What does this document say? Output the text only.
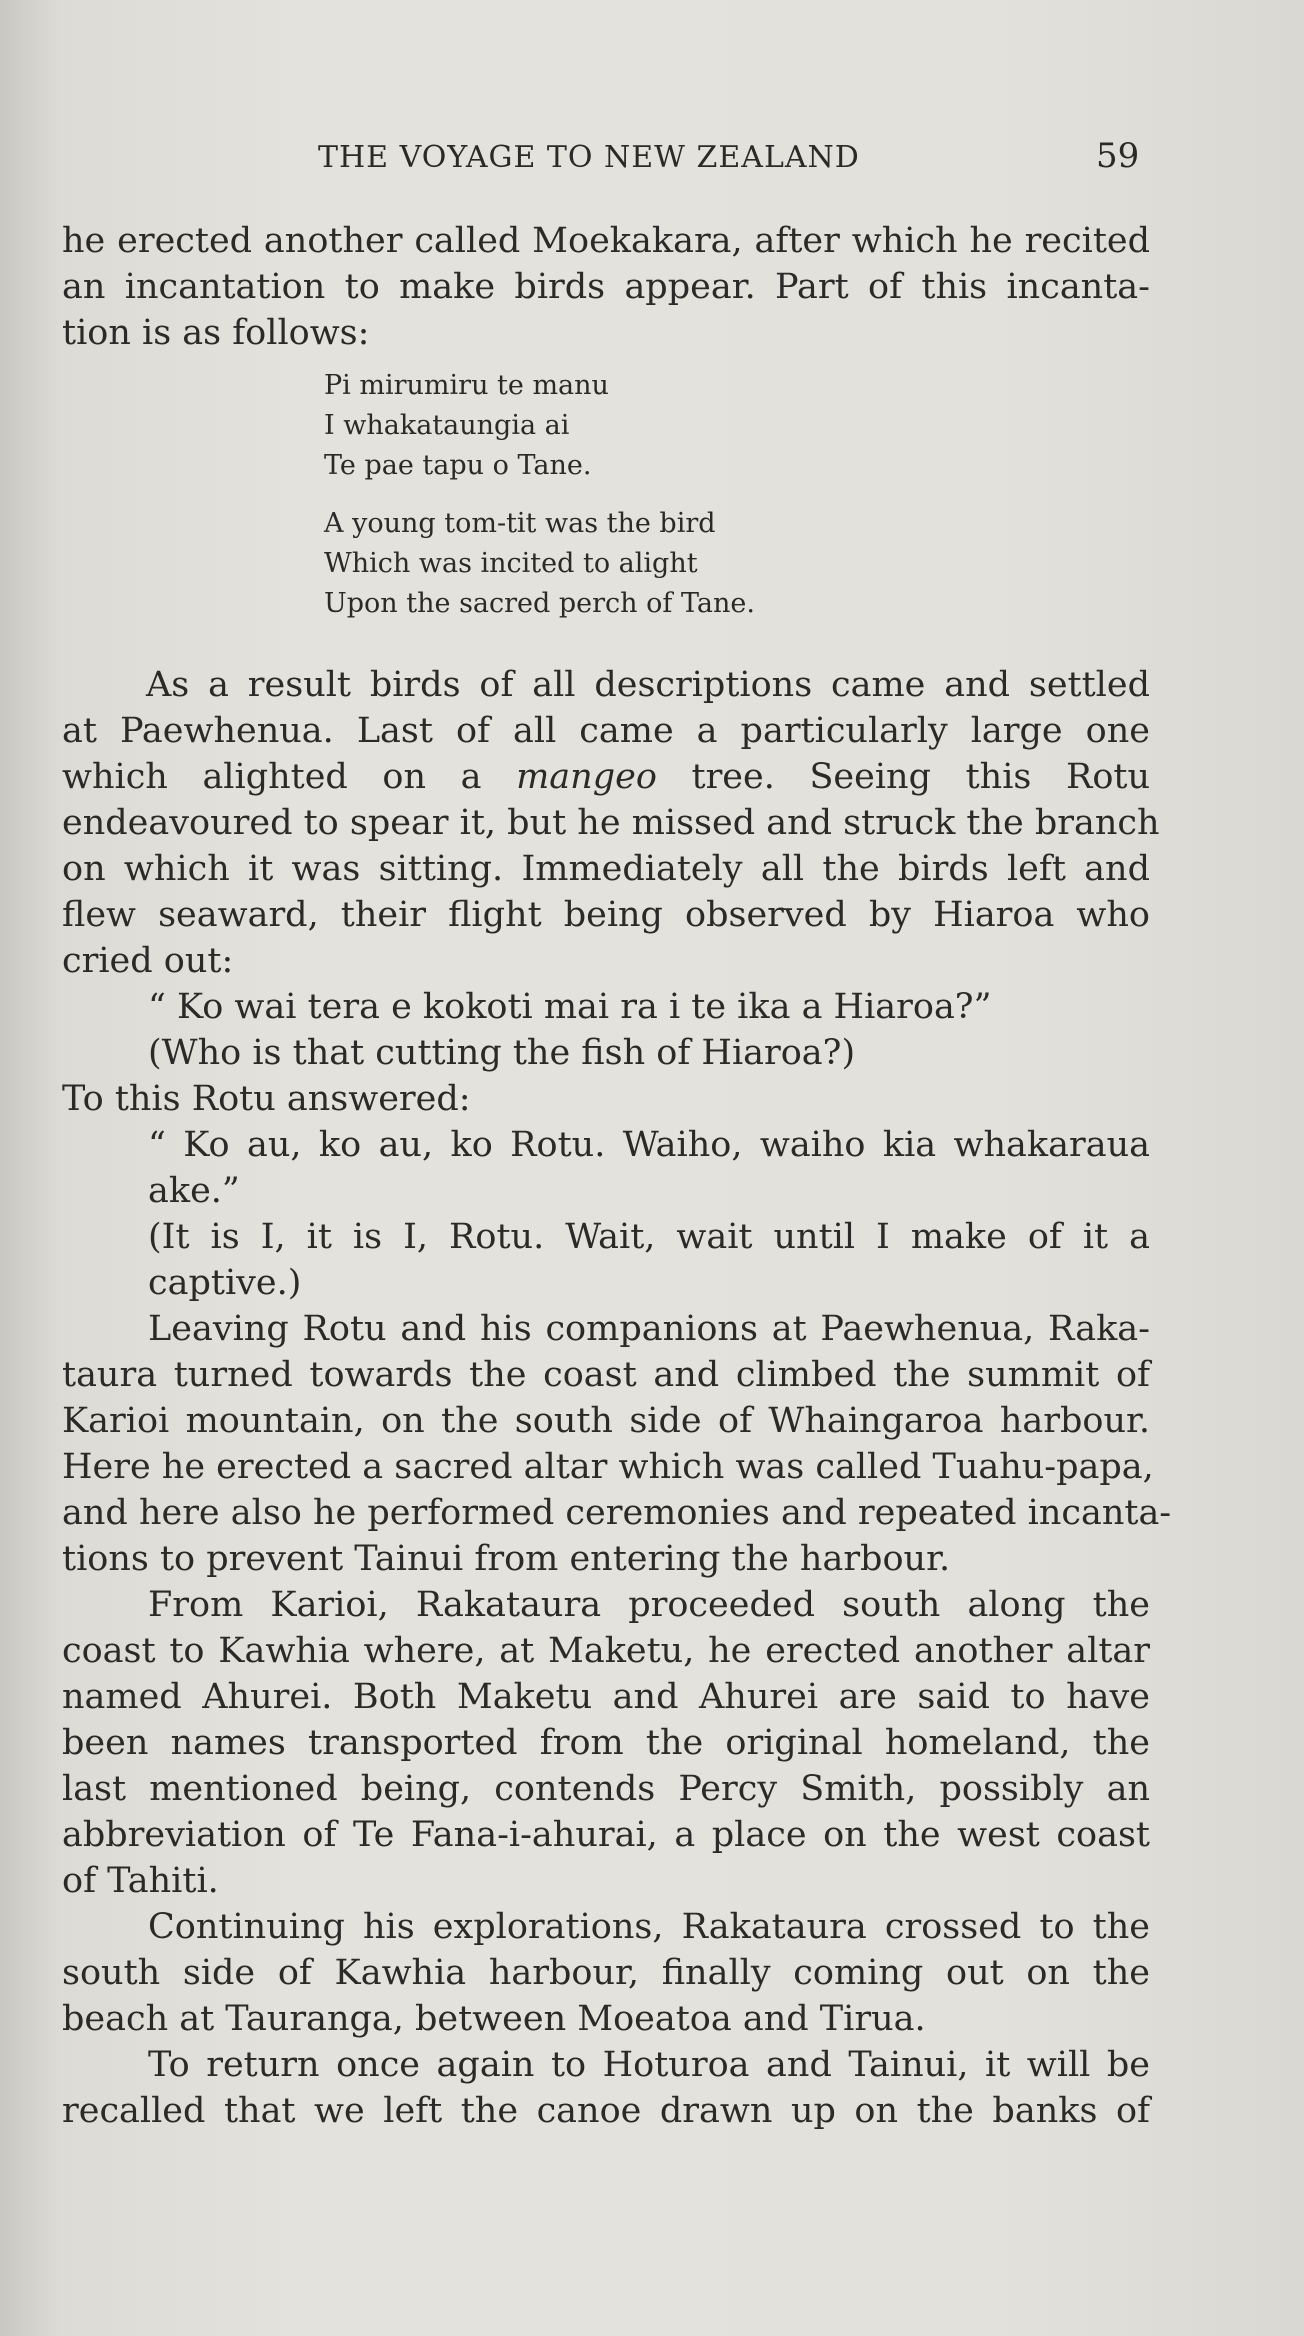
THE VOYAGE TO NEW ZEALAND	59
he erected another called Moekakara, after which he recited
an incantation to make birds appear. Part of this incanta-
tion is as follows:
Pi mirumiru te manu
I whakataungia ai
Te pae tapu o Tane.
A young tom-tit was the bird
Which was incited to alight
Upon the sacred perch of Tane.
As a result birds of all descriptions came and settled
at Paewhenua. Last of all came a particularly large one
which alighted on a mangeo tree. Seeing this Rotu
endeavoured to spear it, but he missed and struck the branch
on which it was sitting. Immediately all the birds left and
flew seaward, their flight being observed by Hiaroa who
cried out:
“ Ko wai tera e kokoti mai ra i te ika a Hiaroa?”
(Who is that cutting the fish of Hiaroa?)
To this Rotu answered:
“ Ko au, ko au, ko Rotu. Waiho, waiho kia whakaraua
ake.”
(It is I, it is I, Rotu. Wait, wait until I make of it a
captive.)
Leaving Rotu and his companions at Paewhenua, Raka-
taura turned towards the coast and climbed the summit of
Karioi mountain, on the south side of Whaingaroa harbour.
Here he erected a sacred altar which was called Tuahu-papa,
and here also he performed ceremonies and repeated incanta-
tions to prevent Tainui from entering the harbour.
From Karioi, Rakataura proceeded south along the
coast to Kawhia where, at Maketu, he erected another altar
named Ahurei. Both Maketu and Ahurei are said to have
been names transported from the original homeland, the
last mentioned being, contends Percy Smith, possibly an
abbreviation of Te Fana-i-ahurai, a place on the west coast
of Tahiti.
Continuing his explorations, Rakataura crossed to the
south side of Kawhia harbour, finally coming out on the
beach at Tauranga, between Moeatoa and Tirua.
To return once again to Hoturoa and Tainui, it will be
recalled that we left the canoe drawn up on the banks of
